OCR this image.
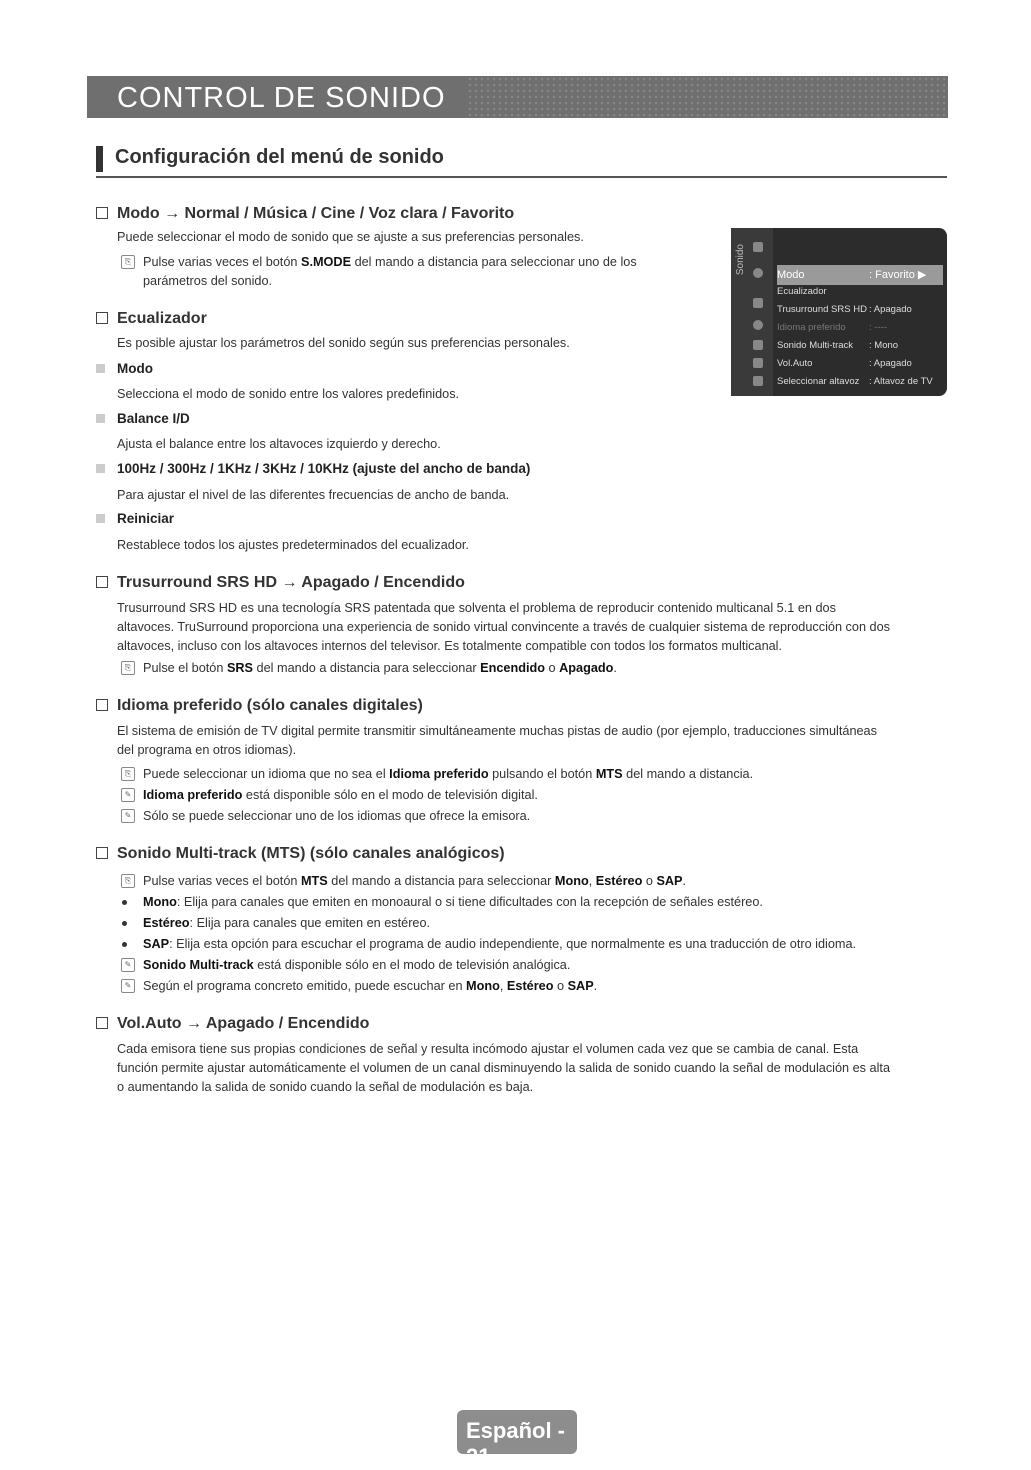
CONTROL DE SONIDO
Configuración del menú de sonido
Modo → Normal / Música / Cine / Voz clara / Favorito
Puede seleccionar el modo de sonido que se ajuste a sus preferencias personales.
⎘ Pulse varias veces el botón S.MODE del mando a distancia para seleccionar uno de los
parámetros del sonido.
Ecualizador
Es posible ajustar los parámetros del sonido según sus preferencias personales.
Modo
Selecciona el modo de sonido entre los valores predefinidos.
Balance I/D
Ajusta el balance entre los altavoces izquierdo y derecho.
100Hz / 300Hz / 1KHz / 3KHz / 10KHz (ajuste del ancho de banda)
Para ajustar el nivel de las diferentes frecuencias de ancho de banda.
Reiniciar
Restablece todos los ajustes predeterminados del ecualizador.
Trusurround SRS HD → Apagado / Encendido
Trusurround SRS HD es una tecnología SRS patentada que solventa el problema de reproducir contenido multicanal 5.1 en dos
altavoces. TruSurround proporciona una experiencia de sonido virtual convincente a través de cualquier sistema de reproducción con dos
altavoces, incluso con los altavoces internos del televisor. Es totalmente compatible con todos los formatos multicanal.
⎘ Pulse el botón SRS del mando a distancia para seleccionar Encendido o Apagado.
Idioma preferido (sólo canales digitales)
El sistema de emisión de TV digital permite transmitir simultáneamente muchas pistas de audio (por ejemplo, traducciones simultáneas
del programa en otros idiomas).
⎘ Puede seleccionar un idioma que no sea el Idioma preferido pulsando el botón MTS del mando a distancia.
✎ Idioma preferido está disponible sólo en el modo de televisión digital.
✎ Sólo se puede seleccionar uno de los idiomas que ofrece la emisora.
Sonido Multi-track (MTS) (sólo canales analógicos)
⎘ Pulse varias veces el botón MTS del mando a distancia para seleccionar Mono, Estéreo o SAP.
Mono: Elija para canales que emiten en monoaural o si tiene dificultades con la recepción de señales estéreo.
Estéreo: Elija para canales que emiten en estéreo.
SAP: Elija esta opción para escuchar el programa de audio independiente, que normalmente es una traducción de otro idioma.
✎ Sonido Multi-track está disponible sólo en el modo de televisión analógica.
✎ Según el programa concreto emitido, puede escuchar en Mono, Estéreo o SAP.
Vol.Auto → Apagado / Encendido
Cada emisora tiene sus propias condiciones de señal y resulta incómodo ajustar el volumen cada vez que se cambia de canal. Esta
función permite ajustar automáticamente el volumen de un canal disminuyendo la salida de sonido cuando la señal de modulación es alta
o aumentando la salida de sonido cuando la señal de modulación es baja.
Sonido	Modo	: Favorito ▶
Ecualizador
Trusurround SRS HD : Apagado
Idioma preferido : ----
Sonido Multi-track : Mono
Vol.Auto	: Apagado
Seleccionar altavoz : Altavoz de TV
Español - 21
